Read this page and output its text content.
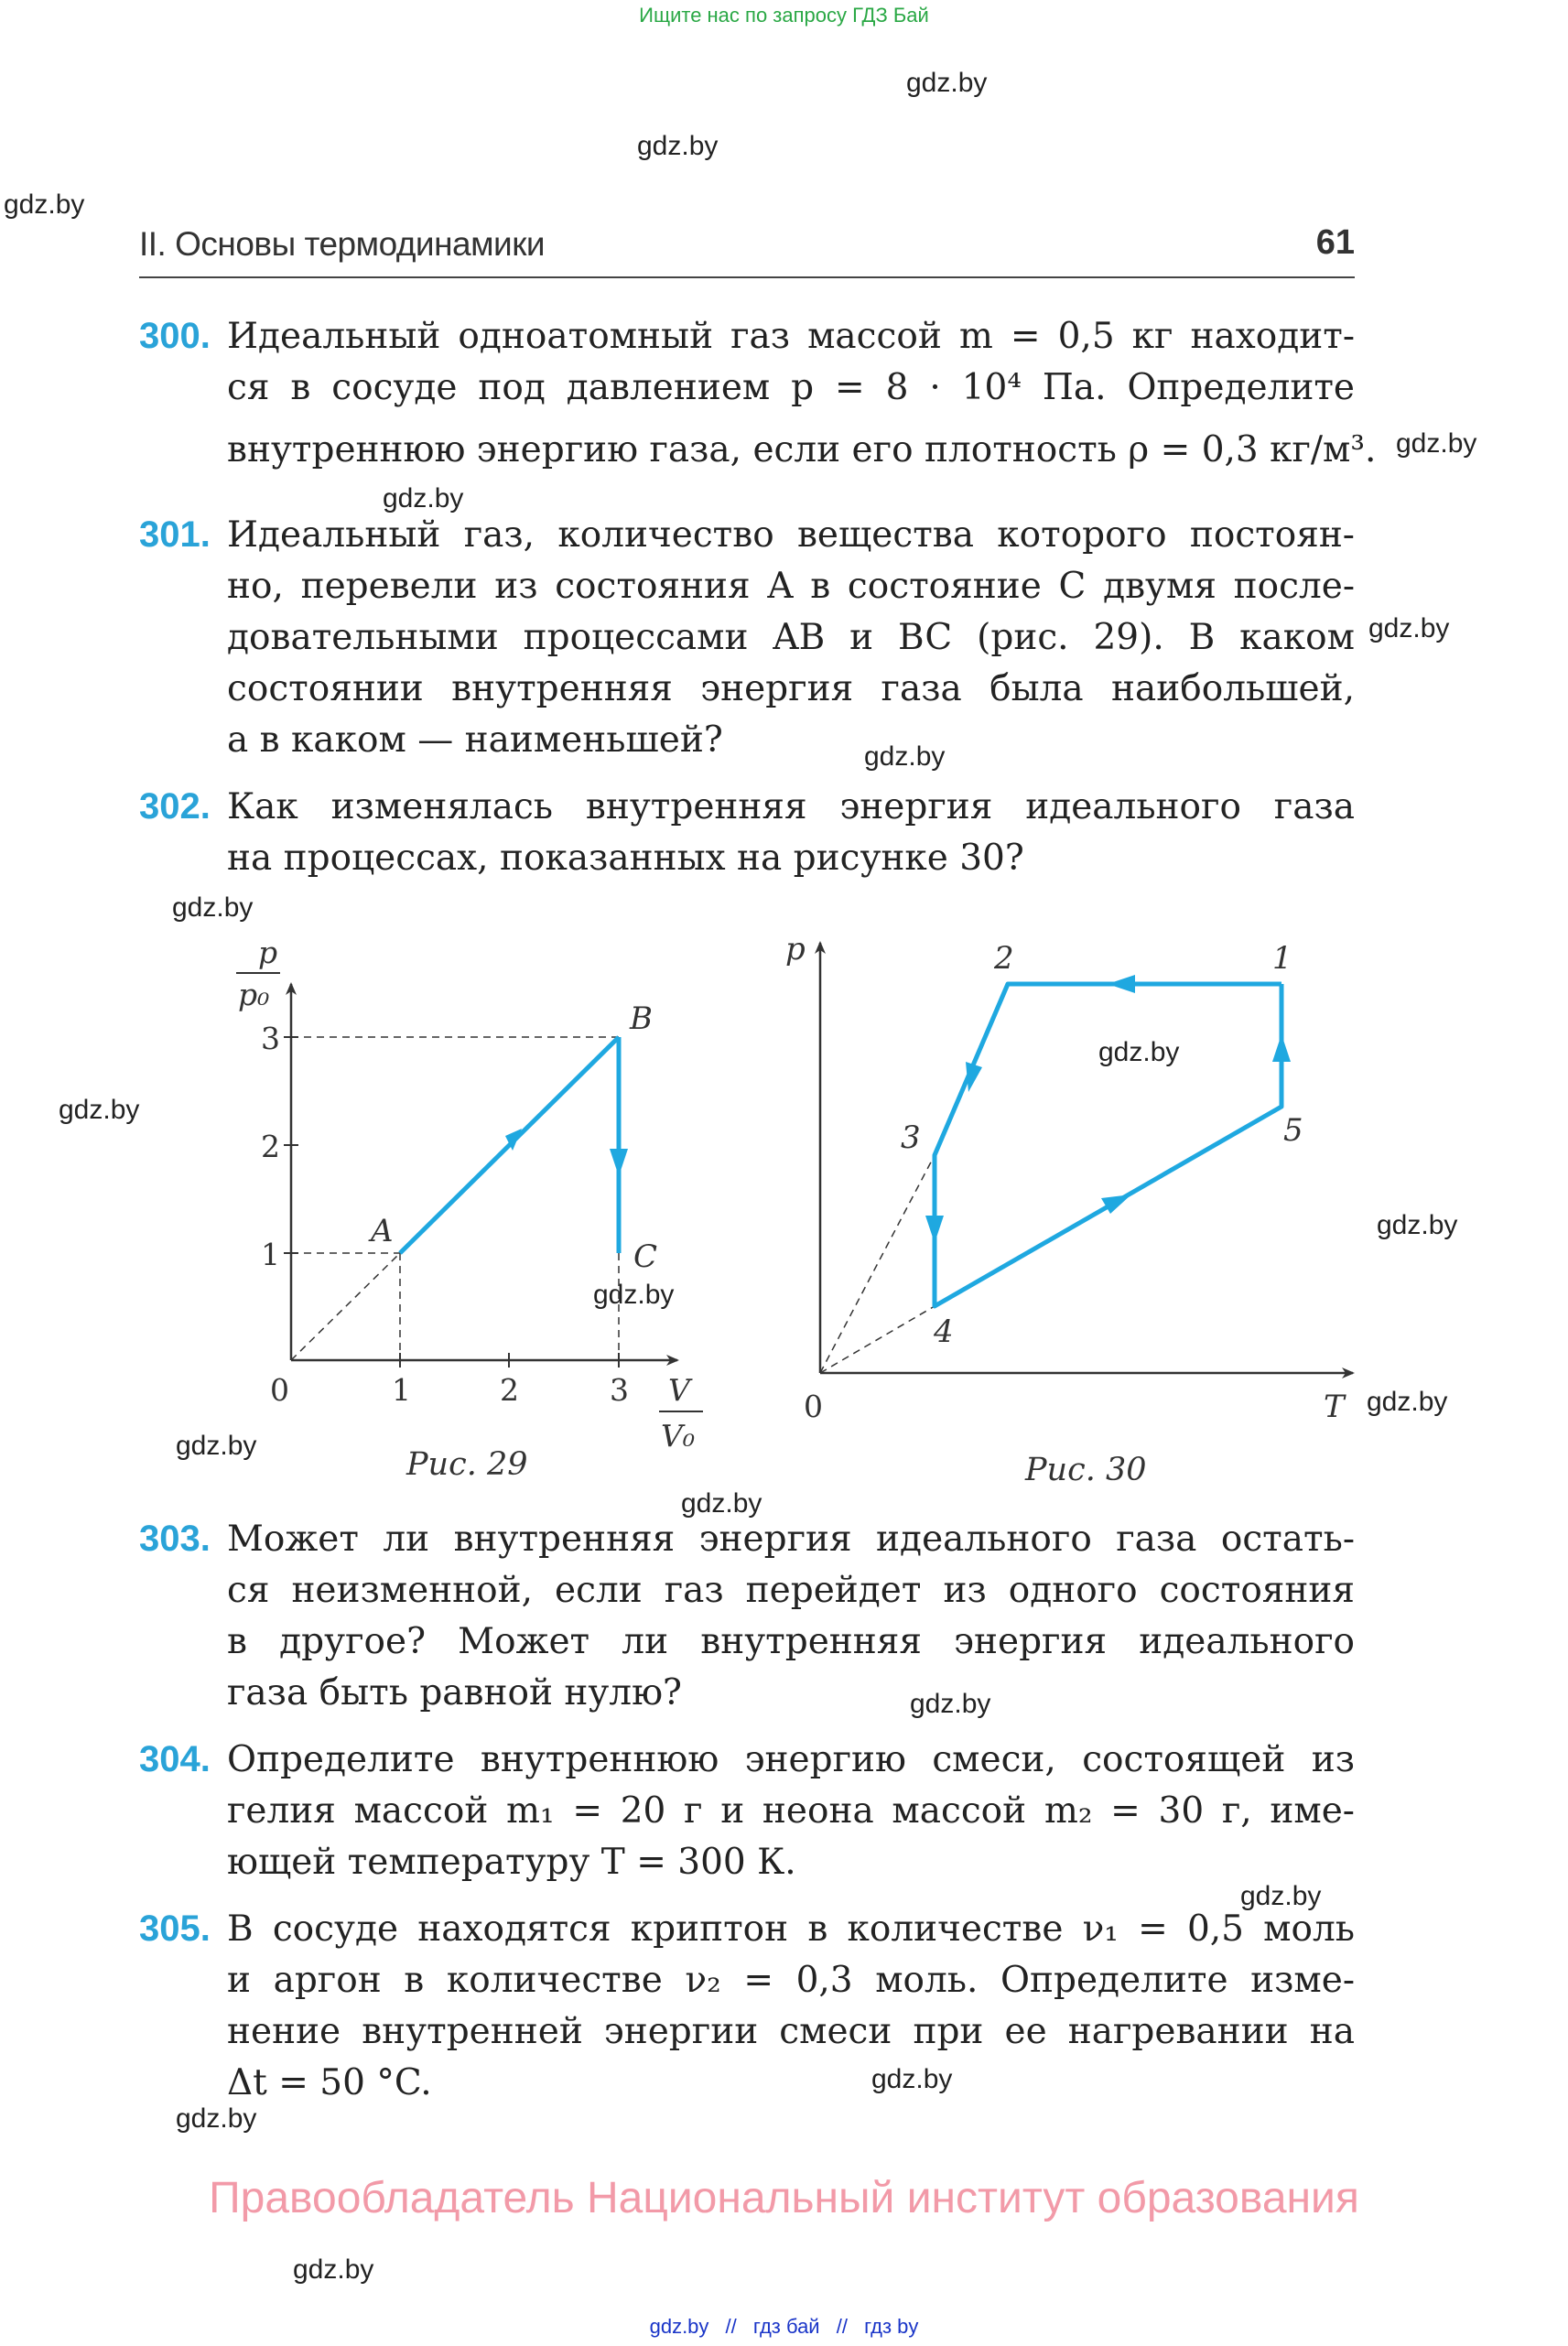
Ищите нас по запросу ГДЗ Бай
gdz.by
gdz.by
gdz.by
gdz.by
gdz.by
gdz.by
gdz.by
gdz.by
gdz.by
gdz.by
gdz.by
gdz.by
gdz.by
gdz.by
gdz.by
gdz.by
gdz.by
gdz.by
gdz.by
gdz.by
II. Основы термодинамики	61
300. Идеальный одноатомный газ массой m = 0,5 кг находит-
ся в сосуде под давлением p = 8 · 10⁴ Па. Определите
внутреннюю энергию газа, если его плотность ρ = 0,3 кг/м³.
301. Идеальный газ, количество вещества которого постоян-
но, перевели из состояния A в состояние C двумя после-
довательными процессами AB и BC (рис. 29). В каком
состоянии внутренняя энергия газа была наибольшей,
а в каком — наименьшей?
302. Как изменялась внутренняя энергия идеального газа
на процессах, показанных на рисунке 30?
p
p₀
3
2
1
0	1	2	3 V
V₀
A
B
C
p
T
0
1
2
3
4
5
Рис. 29	Рис. 30
303. Может ли внутренняя энергия идеального газа остать-
ся неизменной, если газ перейдет из одного состояния
в другое? Может ли внутренняя энергия идеального
газа быть равной нулю?
304. Определите внутреннюю энергию смеси, состоящей из
гелия массой m₁ = 20 г и неона массой m₂ = 30 г, име-
ющей температуру T = 300 К.
305. В сосуде находятся криптон в количестве ν₁ = 0,5 моль
и аргон в количестве ν₂ = 0,3 моль. Определите изме-
нение внутренней энергии смеси при ее нагревании на
Δt = 50 °C.
Правообладатель Национальный институт образования
gdz.by // гдз бай // гдз by
